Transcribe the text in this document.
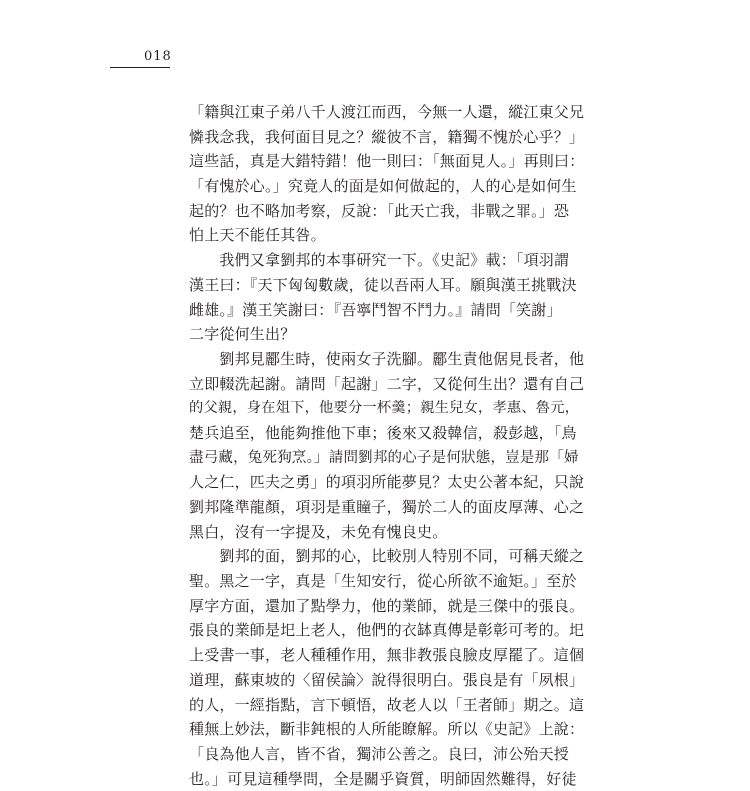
018
「籍與江東子弟八千人渡江而西，今無一人還，縱江東父兄
憐我念我，我何面目見之？縱彼不言，籍獨不愧於心乎？」
這些話，真是大錯特錯！他一則曰：「無面見人。」再則曰：
「有愧於心。」究竟人的面是如何做起的，人的心是如何生
起的？也不略加考察，反說：「此天亡我，非戰之罪。」恐
怕上天不能任其咎。
　　我們又拿劉邦的本事研究一下。《史記》載：「項羽謂
漢王曰：『天下匈匈數歲，徒以吾兩人耳。願與漢王挑戰決
雌雄。』漢王笑謝曰：『吾寧鬥智不鬥力。』請問「笑謝」
二字從何生出？
　　劉邦見酈生時，使兩女子洗腳。酈生責他倨見長者，他
立即輟洗起謝。請問「起謝」二字，又從何生出？還有自己
的父親，身在俎下，他要分一杯羹；親生兒女，孝惠、魯元，
楚兵追至，他能夠推他下車；後來又殺韓信，殺彭越，「鳥
盡弓藏，兔死狗烹。」請問劉邦的心子是何狀態，豈是那「婦
人之仁，匹夫之勇」的項羽所能夢見？太史公著本紀，只說
劉邦隆準龍顏，項羽是重瞳子，獨於二人的面皮厚薄、心之
黑白，沒有一字提及，未免有愧良史。
　　劉邦的面，劉邦的心，比較別人特別不同，可稱天縱之
聖。黑之一字，真是「生知安行，從心所欲不逾矩。」至於
厚字方面，還加了點學力，他的業師，就是三傑中的張良。
張良的業師是圯上老人，他們的衣缽真傳是彰彰可考的。圯
上受書一事，老人種種作用，無非教張良臉皮厚罷了。這個
道理，蘇東坡的〈留侯論〉說得很明白。張良是有「夙根」
的人，一經指點，言下頓悟，故老人以「王者師」期之。這
種無上妙法，斷非鈍根的人所能瞭解。所以《史記》上說：
「良為他人言，皆不省，獨沛公善之。良曰，沛公殆天授
也。」可見這種學問，全是關乎資質，明師固然難得，好徒
